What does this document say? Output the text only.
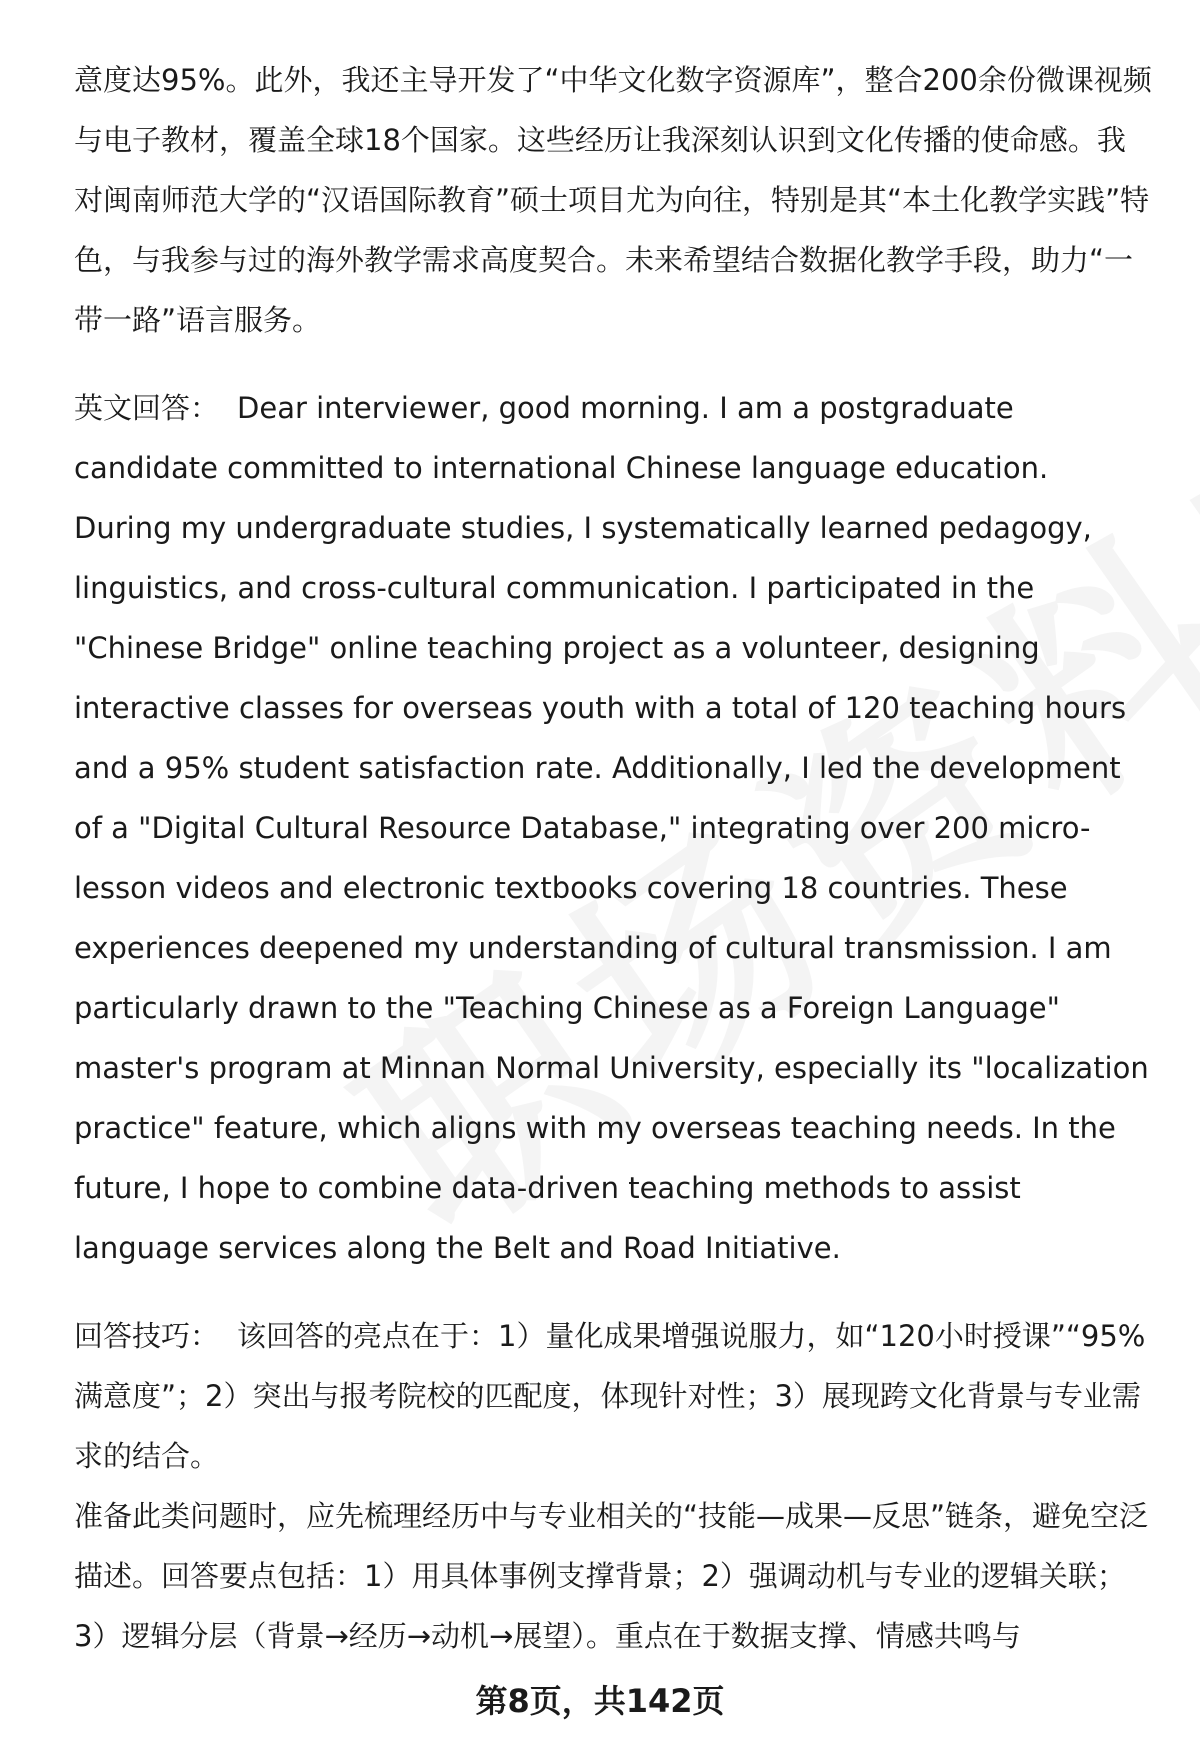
意度达95%。此外，我还主导开发了“中华文化数字资源库”，整合200余份微课视频与电子教材，覆盖全球18个国家。这些经历让我深刻认识到文化传播的使命感。我对闽南师范大学的“汉语国际教育”硕士项目尤为向往，特别是其“本土化教学实践”特色，与我参与过的海外教学需求高度契合。未来希望结合数据化教学手段，助力“一带一路”语言服务。

英文回答： Dear interviewer, good morning. I am a postgraduate candidate committed to international Chinese language education. During my undergraduate studies, I systematically learned pedagogy, linguistics, and cross-cultural communication. I participated in the "Chinese Bridge" online teaching project as a volunteer, designing interactive classes for overseas youth with a total of 120 teaching hours and a 95% student satisfaction rate. Additionally, I led the development of a "Digital Cultural Resource Database," integrating over 200 micro-lesson videos and electronic textbooks covering 18 countries. These experiences deepened my understanding of cultural transmission. I am particularly drawn to the "Teaching Chinese as a Foreign Language" master's program at Minnan Normal University, especially its "localization practice" feature, which aligns with my overseas teaching needs. In the future, I hope to combine data-driven teaching methods to assist language services along the Belt and Road Initiative.

回答技巧： 该回答的亮点在于：1）量化成果增强说服力，如“120小时授课”“95%满意度”；2）突出与报考院校的匹配度，体现针对性；3）展现跨文化背景与专业需求的结合。

准备此类问题时，应先梳理经历中与专业相关的“技能—成果—反思”链条，避免空泛描述。回答要点包括：1）用具体事例支撑背景；2）强调动机与专业的逻辑关联；3）逻辑分层（背景→经历→动机→展望）。重点在于数据支撑、情感共鸣与

第8页，共142页
